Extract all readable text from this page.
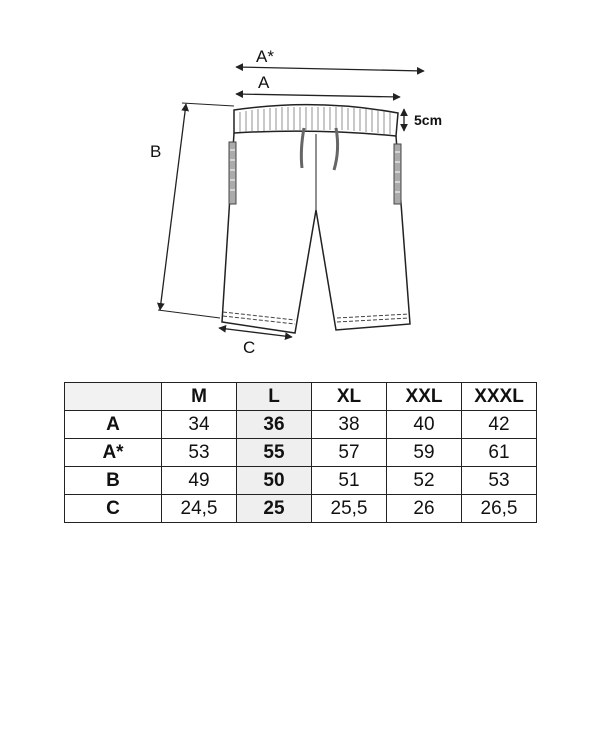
A*
A
5cm
B
C
	M	L	XL	XXL	XXXL
A	34	36	38	40	42
A*	53	55	57	59	61
B	49	50	51	52	53
C	24,5	25	25,5	26	26,5
